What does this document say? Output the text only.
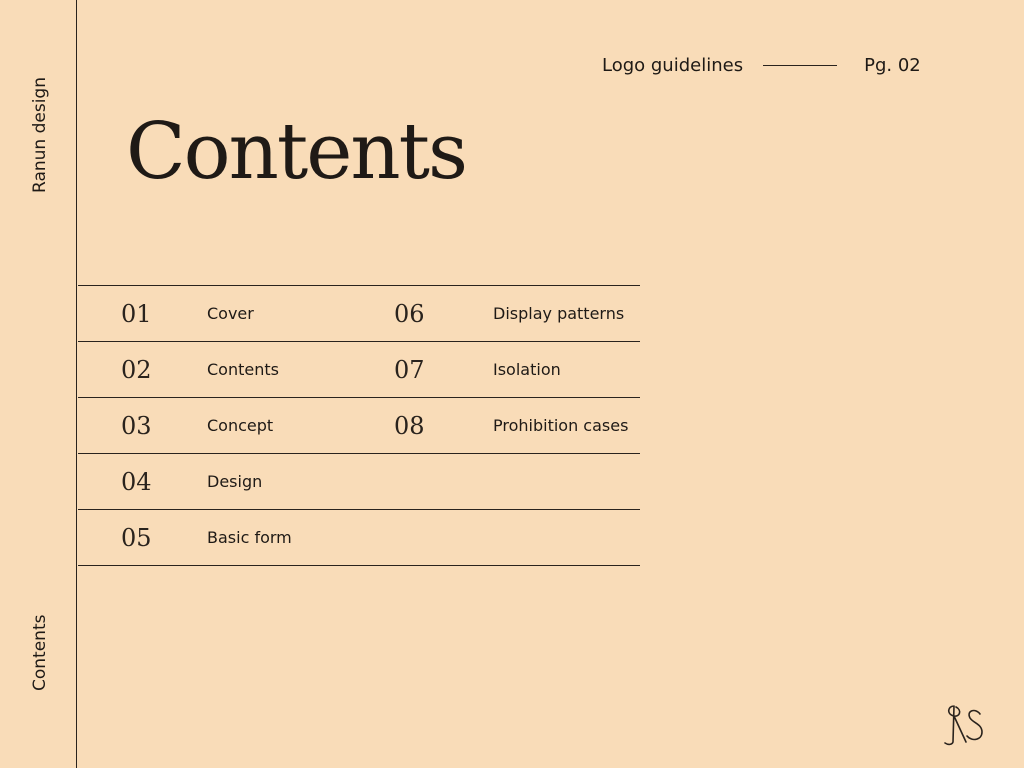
Ranun design
Contents
Logo guidelines	Pg. 02
Contents
01	Cover	06	Display patterns
02	Contents	07	Isolation
03	Concept	08	Prohibition cases
04	Design
05	Basic form
